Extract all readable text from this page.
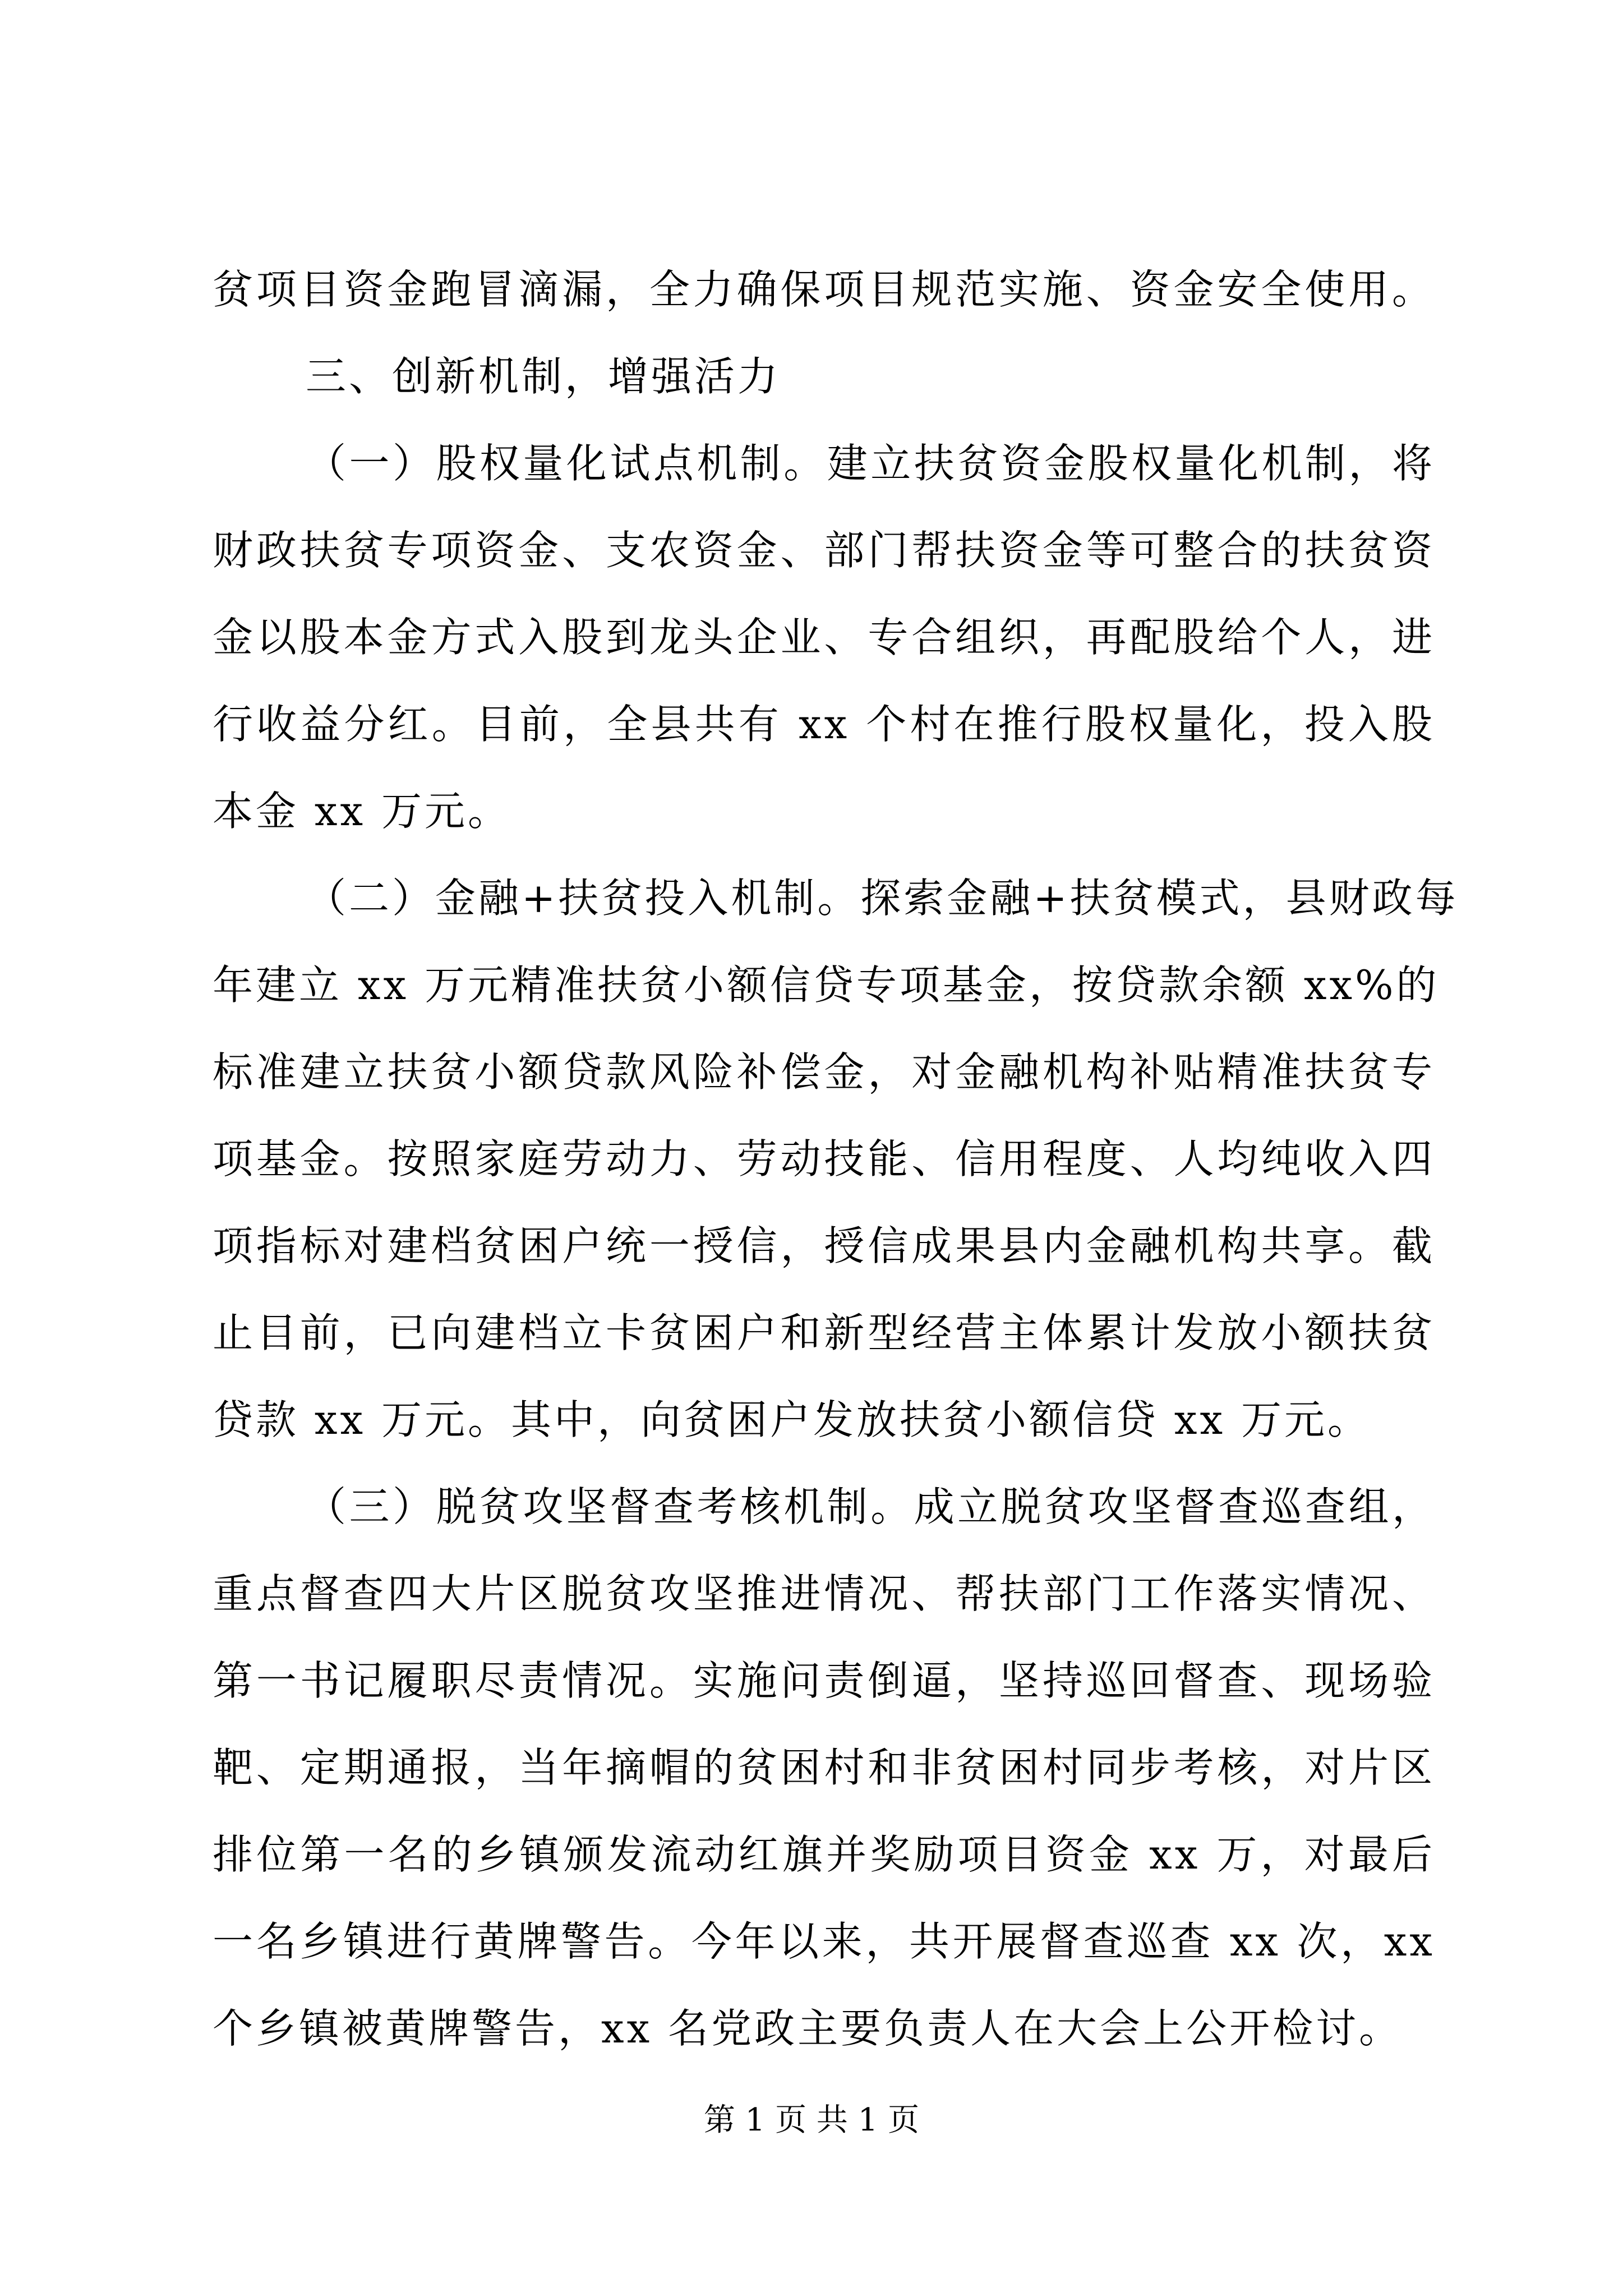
贫项目资金跑冒滴漏，全力确保项目规范实施、资金安全使用。
三、创新机制，增强活力
（一）股权量化试点机制。建立扶贫资金股权量化机制，将
财政扶贫专项资金、支农资金、部门帮扶资金等可整合的扶贫资
金以股本金方式入股到龙头企业、专合组织，再配股给个人，进
行收益分红。目前，全县共有 xx 个村在推行股权量化，投入股
本金 xx 万元。
（二）金融+扶贫投入机制。探索金融+扶贫模式，县财政每
年建立 xx 万元精准扶贫小额信贷专项基金，按贷款余额 xx%的
标准建立扶贫小额贷款风险补偿金，对金融机构补贴精准扶贫专
项基金。按照家庭劳动力、劳动技能、信用程度、人均纯收入四
项指标对建档贫困户统一授信，授信成果县内金融机构共享。截
止目前，已向建档立卡贫困户和新型经营主体累计发放小额扶贫
贷款 xx 万元。其中，向贫困户发放扶贫小额信贷 xx 万元。
（三）脱贫攻坚督查考核机制。成立脱贫攻坚督查巡查组，
重点督查四大片区脱贫攻坚推进情况、帮扶部门工作落实情况、
第一书记履职尽责情况。实施问责倒逼，坚持巡回督查、现场验
靶、定期通报，当年摘帽的贫困村和非贫困村同步考核，对片区
排位第一名的乡镇颁发流动红旗并奖励项目资金 xx 万，对最后
一名乡镇进行黄牌警告。今年以来，共开展督查巡查 xx 次，xx
个乡镇被黄牌警告，xx 名党政主要负责人在大会上公开检讨。
第 1 页 共 1 页
